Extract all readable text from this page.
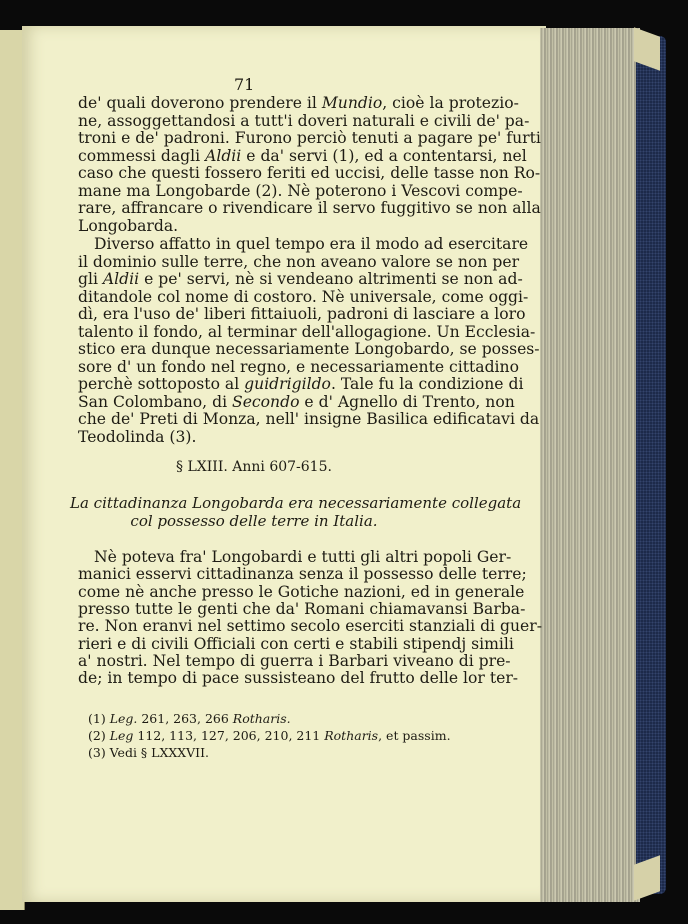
71
de' quali doverono prendere il Mundio, cioè la protezio-
ne, assoggettandosi a tutt'i doveri naturali e civili de' pa-
troni e de' padroni. Furono perciò tenuti a pagare pe' furti
commessi dagli Aldii e da' servi (1), ed a contentarsi, nel
caso che questi fossero feriti ed uccisi, delle tasse non Ro-
mane ma Longobarde (2). Nè poterono i Vescovi compe-
rare, affrancare o rivendicare il servo fuggitivo se non alla
Longobarda.
Diverso affatto in quel tempo era il modo ad esercitare
il dominio sulle terre, che non aveano valore se non per
gli Aldii e pe' servi, nè si vendeano altrimenti se non ad-
ditandole col nome di costoro. Nè universale, come oggi-
dì, era l'uso de' liberi fittaiuoli, padroni di lasciare a loro
talento il fondo, al terminar dell'allogagione. Un Ecclesia-
stico era dunque necessariamente Longobardo, se posses-
sore d' un fondo nel regno, e necessariamente cittadino
perchè sottoposto al guidrigildo. Tale fu la condizione di
San Colombano, di Secondo e d' Agnello di Trento, non
che de' Preti di Monza, nell' insigne Basilica edificatavi da
Teodolinda (3).
Nè poteva fra' Longobardi e tutti gli altri popoli Ger-
manici esservi cittadinanza senza il possesso delle terre;
come nè anche presso le Gotiche nazioni, ed in generale
presso tutte le genti che da' Romani chiamavansi Barba-
re. Non eranvi nel settimo secolo eserciti stanziali di guer-
rieri e di civili Officiali con certi e stabili stipendj simili
a' nostri. Nel tempo di guerra i Barbari viveano di pre-
de; in tempo di pace sussisteano del frutto delle lor ter-
§ LXIII. Anni 607-615.
La cittadinanza Longobarda era necessariamente collegata
col possesso delle terre in Italia.
(1) Leg. 261, 263, 266 Rotharis.
(2) Leg 112, 113, 127, 206, 210, 211 Rotharis, et passim.
(3) Vedi § LXXXVII.
